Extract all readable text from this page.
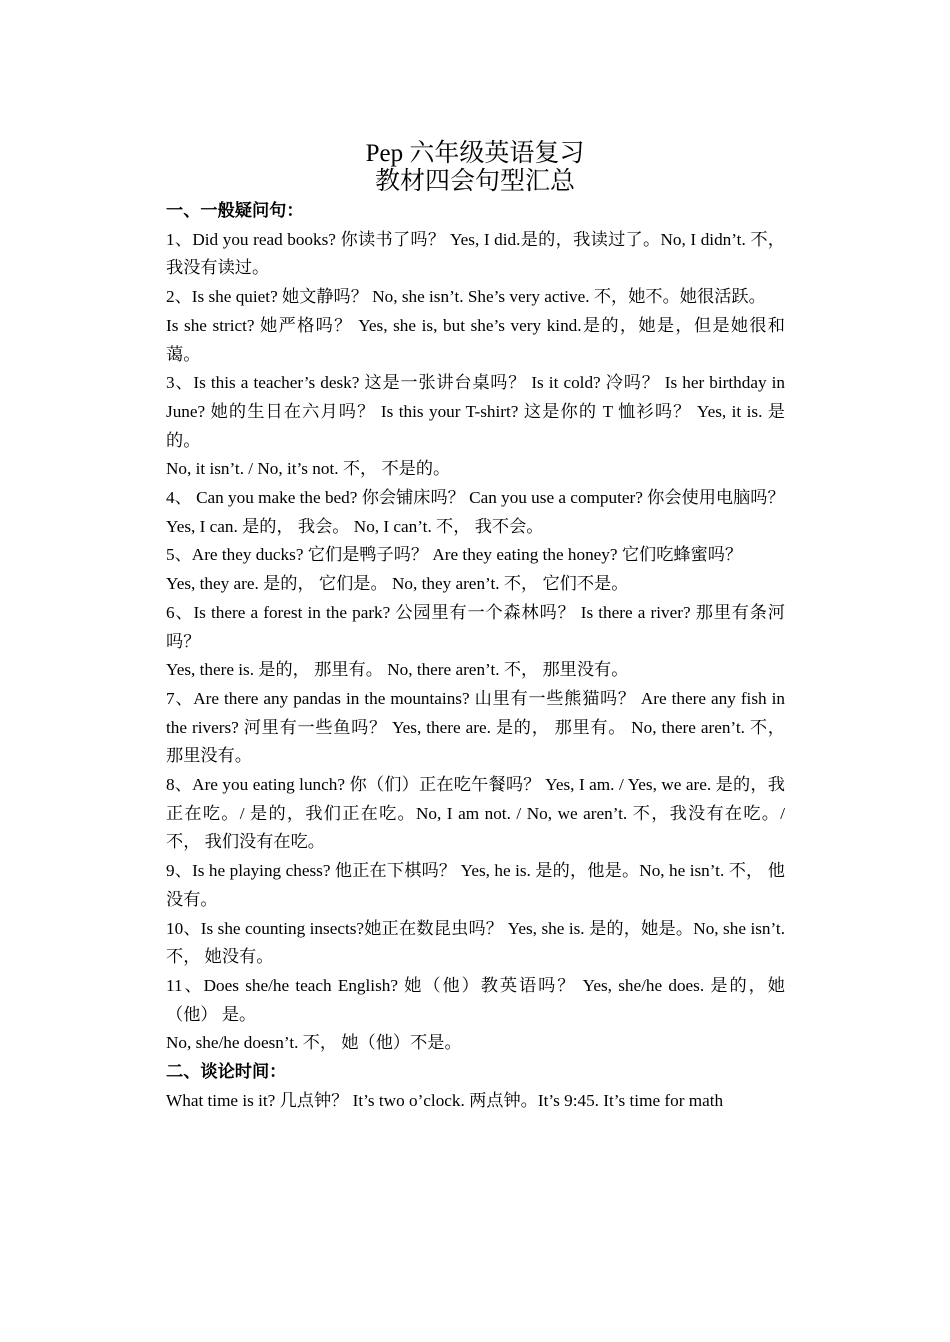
Pep 六年级英语复习
教材四会句型汇总
一、一般疑问句：

1、Did you read books? 你读书了吗？ Yes, I did.是的，我读过了。No, I didn’t. 不，我没有读过。

2、Is she quiet? 她文静吗？ No, she isn’t. She’s very active. 不，她不。她很活跃。

Is she strict? 她严格吗？ Yes, she is, but she’s very kind.是的，她是，但是她很和蔼。

3、Is this a teacher’s desk? 这是一张讲台桌吗？ Is it cold? 冷吗？ Is her birthday in June? 她的生日在六月吗？ Is this your T-shirt? 这是你的 T 恤衫吗？ Yes, it is. 是的。

No, it isn’t. / No, it’s not. 不， 不是的。

4、 Can you make the bed? 你会铺床吗？ Can you use a computer? 你会使用电脑吗？

Yes, I can. 是的， 我会。 No, I can’t. 不， 我不会。

5、Are they ducks? 它们是鸭子吗？ Are they eating the honey? 它们吃蜂蜜吗？

Yes, they are. 是的， 它们是。 No, they aren’t. 不， 它们不是。

6、Is there a forest in the park? 公园里有一个森林吗？ Is there a river? 那里有条河吗？

Yes, there is. 是的， 那里有。 No, there aren’t. 不， 那里没有。

7、Are there any pandas in the mountains? 山里有一些熊猫吗？ Are there any fish in the rivers? 河里有一些鱼吗？ Yes, there are. 是的， 那里有。 No, there aren’t. 不， 那里没有。

8、Are you eating lunch? 你（们）正在吃午餐吗？ Yes, I am. / Yes, we are. 是的，我正在吃。/ 是的，我们正在吃。No, I am not. / No, we aren’t. 不，我没有在吃。/ 不， 我们没有在吃。

9、Is he playing chess? 他正在下棋吗？ Yes, he is. 是的，他是。No, he isn’t. 不， 他没有。

10、Is she counting insects?她正在数昆虫吗？ Yes, she is. 是的，她是。No, she isn’t.不， 她没有。

11、Does she/he teach English? 她（他）教英语吗？ Yes, she/he does. 是的，她（他） 是。

No, she/he doesn’t. 不， 她（他）不是。

二、谈论时间：

What time is it? 几点钟？ It’s two o’clock. 两点钟。It’s 9:45. It’s time for math
